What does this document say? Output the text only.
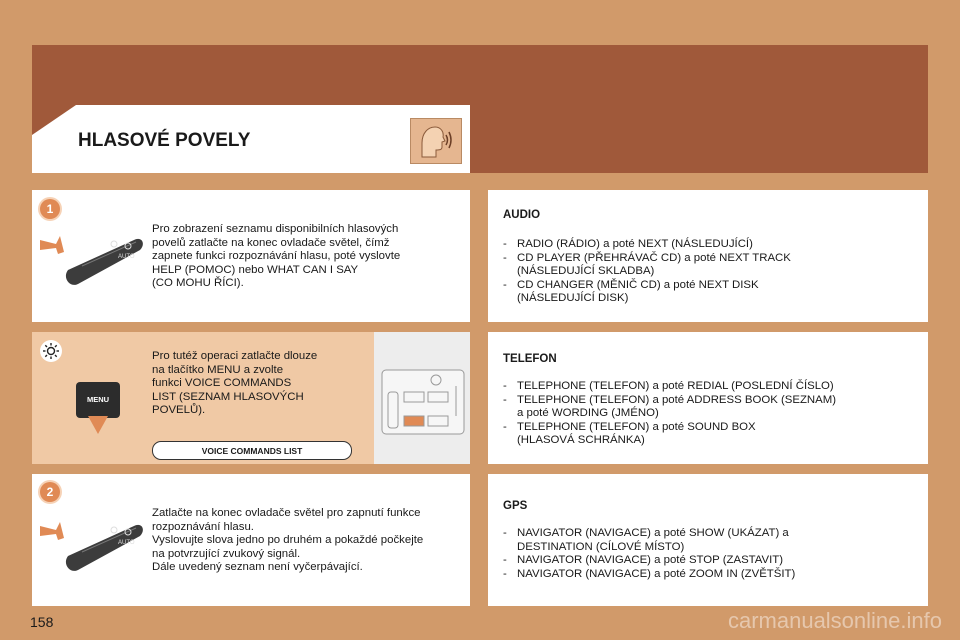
HLASOVÉ POVELY
1
AUTO
Pro zobrazení seznamu disponibilních hlasových
povelů zatlačte na konec ovladače světel, čímž
zapnete funkci rozpoznávání hlasu, poté vyslovte
HELP (POMOC) nebo WHAT CAN I SAY
(CO MOHU ŘÍCI).
MENU
Pro tutéž operaci zatlačte dlouze
na tlačítko MENU a zvolte
funkci VOICE COMMANDS
LIST (SEZNAM HLASOVÝCH
POVELŮ).
VOICE COMMANDS LIST
2
AUTO
Zatlačte na konec ovladače světel pro zapnutí funkce
rozpoznávání hlasu.
Vyslovujte slova jedno po druhém a pokaždé počkejte
na potvrzující zvukový signál.
Dále uvedený seznam není vyčerpávající.
AUDIO
- RADIO (RÁDIO) a poté NEXT (NÁSLEDUJÍCÍ)
- CD PLAYER (PŘEHRÁVAČ CD) a poté NEXT TRACK
(NÁSLEDUJÍCÍ SKLADBA)
- CD CHANGER (MĚNIČ CD) a poté NEXT DISK
(NÁSLEDUJÍCÍ DISK)
TELEFON
- TELEPHONE (TELEFON) a poté REDIAL (POSLEDNÍ ČÍSLO)
- TELEPHONE (TELEFON) a poté ADDRESS BOOK (SEZNAM)
a poté WORDING (JMÉNO)
- TELEPHONE (TELEFON) a poté SOUND BOX
(HLASOVÁ SCHRÁNKA)
GPS
- NAVIGATOR (NAVIGACE) a poté SHOW (UKÁZAT) a
DESTINATION (CÍLOVÉ MÍSTO)
- NAVIGATOR (NAVIGACE) a poté STOP (ZASTAVIT)
- NAVIGATOR (NAVIGACE) a poté ZOOM IN (ZVĚTŠIT)
158	carmanualsonline.info
